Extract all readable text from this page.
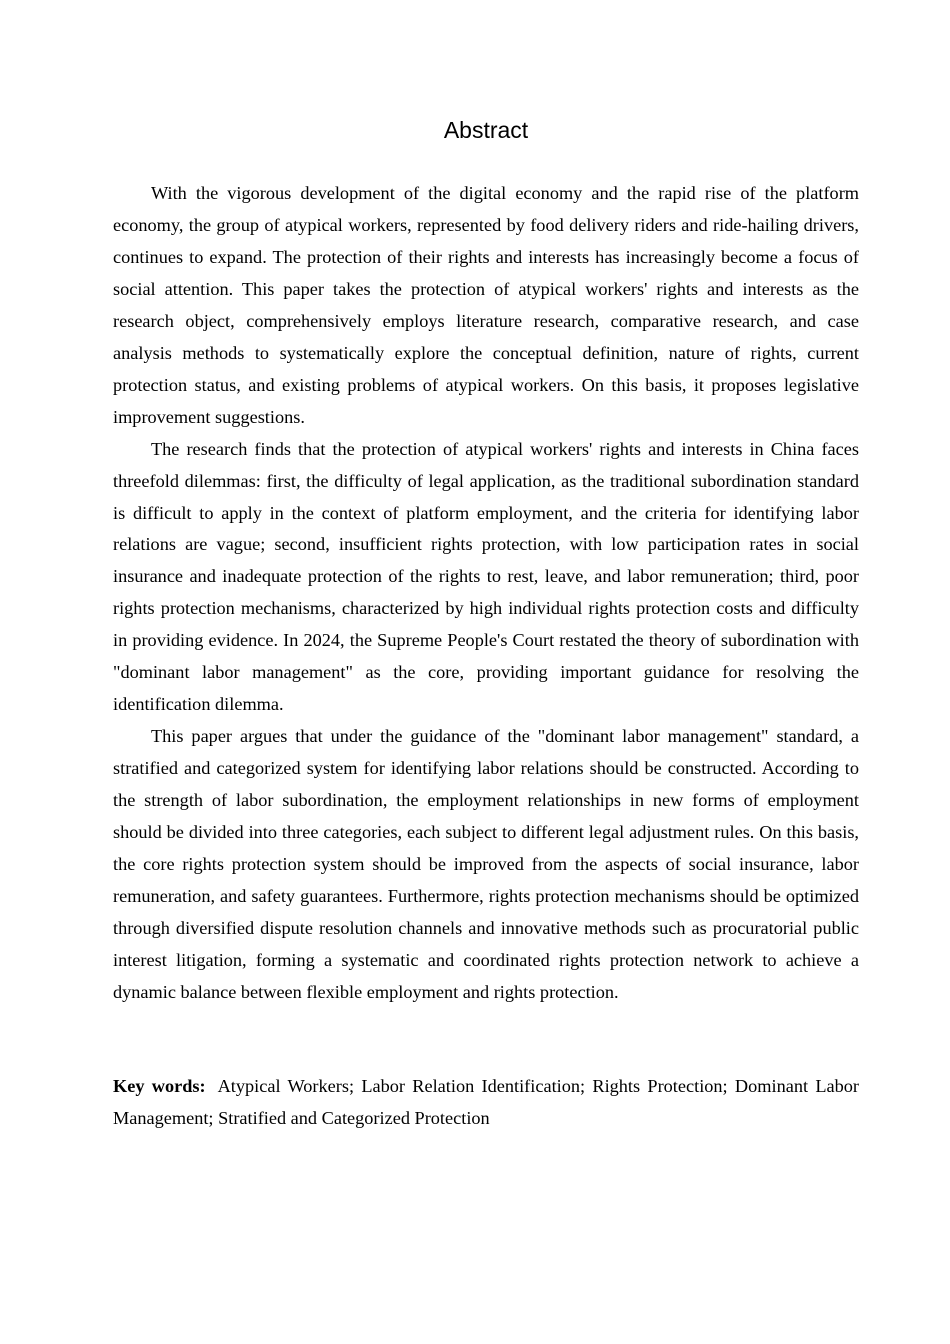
Abstract

With the vigorous development of the digital economy and the rapid rise of the platform economy, the group of atypical workers, represented by food delivery riders and ride-hailing drivers, continues to expand. The protection of their rights and interests has increasingly become a focus of social attention. This paper takes the protection of atypical workers' rights and interests as the research object, comprehensively employs literature research, comparative research, and case analysis methods to systematically explore the conceptual definition, nature of rights, current protection status, and existing problems of atypical workers. On this basis, it proposes legislative improvement suggestions.

The research finds that the protection of atypical workers' rights and interests in China faces threefold dilemmas: first, the difficulty of legal application, as the traditional subordination standard is difficult to apply in the context of platform employment, and the criteria for identifying labor relations are vague; second, insufficient rights protection, with low participation rates in social insurance and inadequate protection of the rights to rest, leave, and labor remuneration; third, poor rights protection mechanisms, characterized by high individual rights protection costs and difficulty in providing evidence. In 2024, the Supreme People's Court restated the theory of subordination with "dominant labor management" as the core, providing important guidance for resolving the identification dilemma.

This paper argues that under the guidance of the "dominant labor management" standard, a stratified and categorized system for identifying labor relations should be constructed. According to the strength of labor subordination, the employment relationships in new forms of employment should be divided into three categories, each subject to different legal adjustment rules. On this basis, the core rights protection system should be improved from the aspects of social insurance, labor remuneration, and safety guarantees. Furthermore, rights protection mechanisms should be optimized through diversified dispute resolution channels and innovative methods such as procuratorial public interest litigation, forming a systematic and coordinated rights protection network to achieve a dynamic balance between flexible employment and rights protection.

Key words: Atypical Workers; Labor Relation Identification; Rights Protection; Dominant Labor Management; Stratified and Categorized Protection
